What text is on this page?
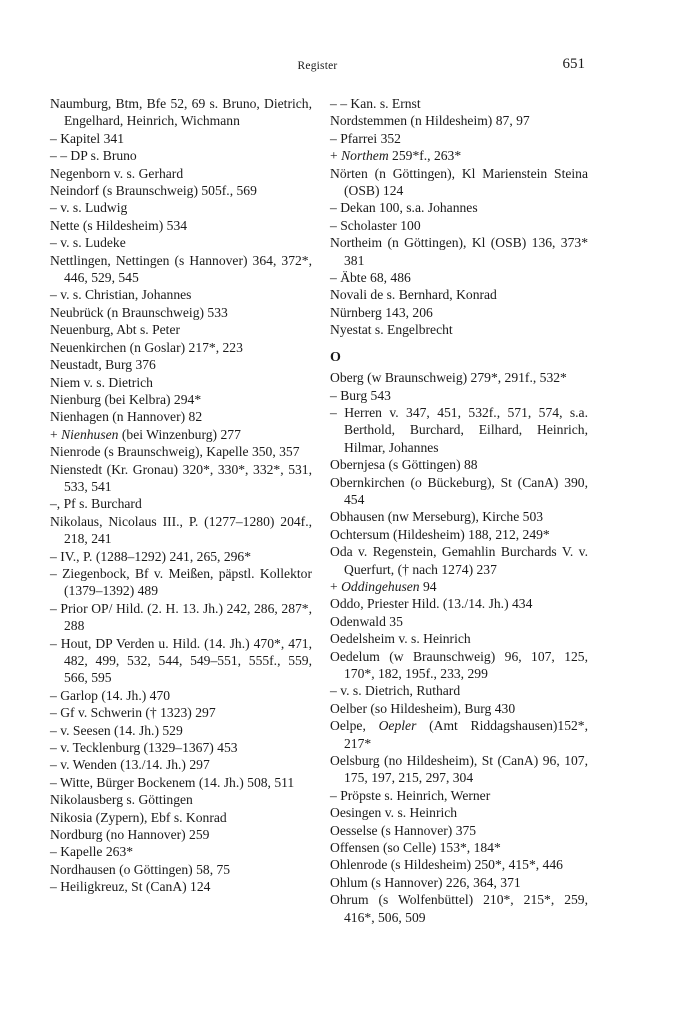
Register	651

Naumburg, Btm, Bfe 52, 69 s. Bruno, Dietrich, Engelhard, Heinrich, Wichmann

– Kapitel 341

– – DP s. Bruno

Negenborn v. s. Gerhard

Neindorf (s Braunschweig) 505f., 569

– v. s. Ludwig

Nette (s Hildesheim) 534

– v. s. Ludeke

Nettlingen, Nettingen (s Hannover) 364, 372*, 446, 529, 545

– v. s. Christian, Johannes

Neubrück (n Braunschweig) 533

Neuenburg, Abt s. Peter

Neuenkirchen (n Goslar) 217*, 223

Neustadt, Burg 376

Niem v. s. Dietrich

Nienburg (bei Kelbra) 294*

Nienhagen (n Hannover) 82

+ Nienhusen (bei Winzenburg) 277

Nienrode (s Braunschweig), Kapelle 350, 357

Nienstedt (Kr. Gronau) 320*, 330*, 332*, 531, 533, 541

–, Pf s. Burchard

Nikolaus, Nicolaus III., P. (1277–1280) 204f., 218, 241

– IV., P. (1288–1292) 241, 265, 296*

– Ziegenbock, Bf v. Meißen, päpstl. Kollektor (1379–1392) 489

– Prior OP/ Hild. (2. H. 13. Jh.) 242, 286, 287*, 288

– Hout, DP Verden u. Hild. (14. Jh.) 470*, 471, 482, 499, 532, 544, 549–551, 555f., 559, 566, 595

– Garlop (14. Jh.) 470

– Gf v. Schwerin († 1323) 297

– v. Seesen (14. Jh.) 529

– v. Tecklenburg (1329–1367) 453

– v. Wenden (13./14. Jh.) 297

– Witte, Bürger Bockenem (14. Jh.) 508, 511

Nikolausberg s. Göttingen

Nikosia (Zypern), Ebf s. Konrad

Nordburg (no Hannover) 259

– Kapelle 263*

Nordhausen (o Göttingen) 58, 75

– Heiligkreuz, St (CanA) 124

– – Kan. s. Ernst

Nordstemmen (n Hildesheim) 87, 97

– Pfarrei 352

+ Northem 259*f., 263*

Nörten (n Göttingen), Kl Marienstein Steina (OSB) 124

– Dekan 100, s.a. Johannes

– Scholaster 100

Northeim (n Göttingen), Kl (OSB) 136, 373* 381

– Äbte 68, 486

Novali de s. Bernhard, Konrad

Nürnberg 143, 206

Nyestat s. Engelbrecht

O

Oberg (w Braunschweig) 279*, 291f., 532*

– Burg 543

– Herren v. 347, 451, 532f., 571, 574, s.a. Berthold, Burchard, Eilhard, Heinrich, Hilmar, Johannes

Obernjesa (s Göttingen) 88

Obernkirchen (o Bückeburg), St (CanA) 390, 454

Obhausen (nw Merseburg), Kirche 503

Ochtersum (Hildesheim) 188, 212, 249*

Oda v. Regenstein, Gemahlin Burchards V. v. Querfurt, († nach 1274) 237

+ Oddingehusen 94

Oddo, Priester Hild. (13./14. Jh.) 434

Odenwald 35

Oedelsheim v. s. Heinrich

Oedelum (w Braunschweig) 96, 107, 125, 170*, 182, 195f., 233, 299

– v. s. Dietrich, Ruthard

Oelber (so Hildesheim), Burg 430

Oelpe, Oepler (Amt Riddagshausen)152*, 217*

Oelsburg (no Hildesheim), St (CanA) 96, 107, 175, 197, 215, 297, 304

– Pröpste s. Heinrich, Werner

Oesingen v. s. Heinrich

Oesselse (s Hannover) 375

Offensen (so Celle) 153*, 184*

Ohlenrode (s Hildesheim) 250*, 415*, 446

Ohlum (s Hannover) 226, 364, 371

Ohrum (s Wolfenbüttel) 210*, 215*, 259, 416*, 506, 509
